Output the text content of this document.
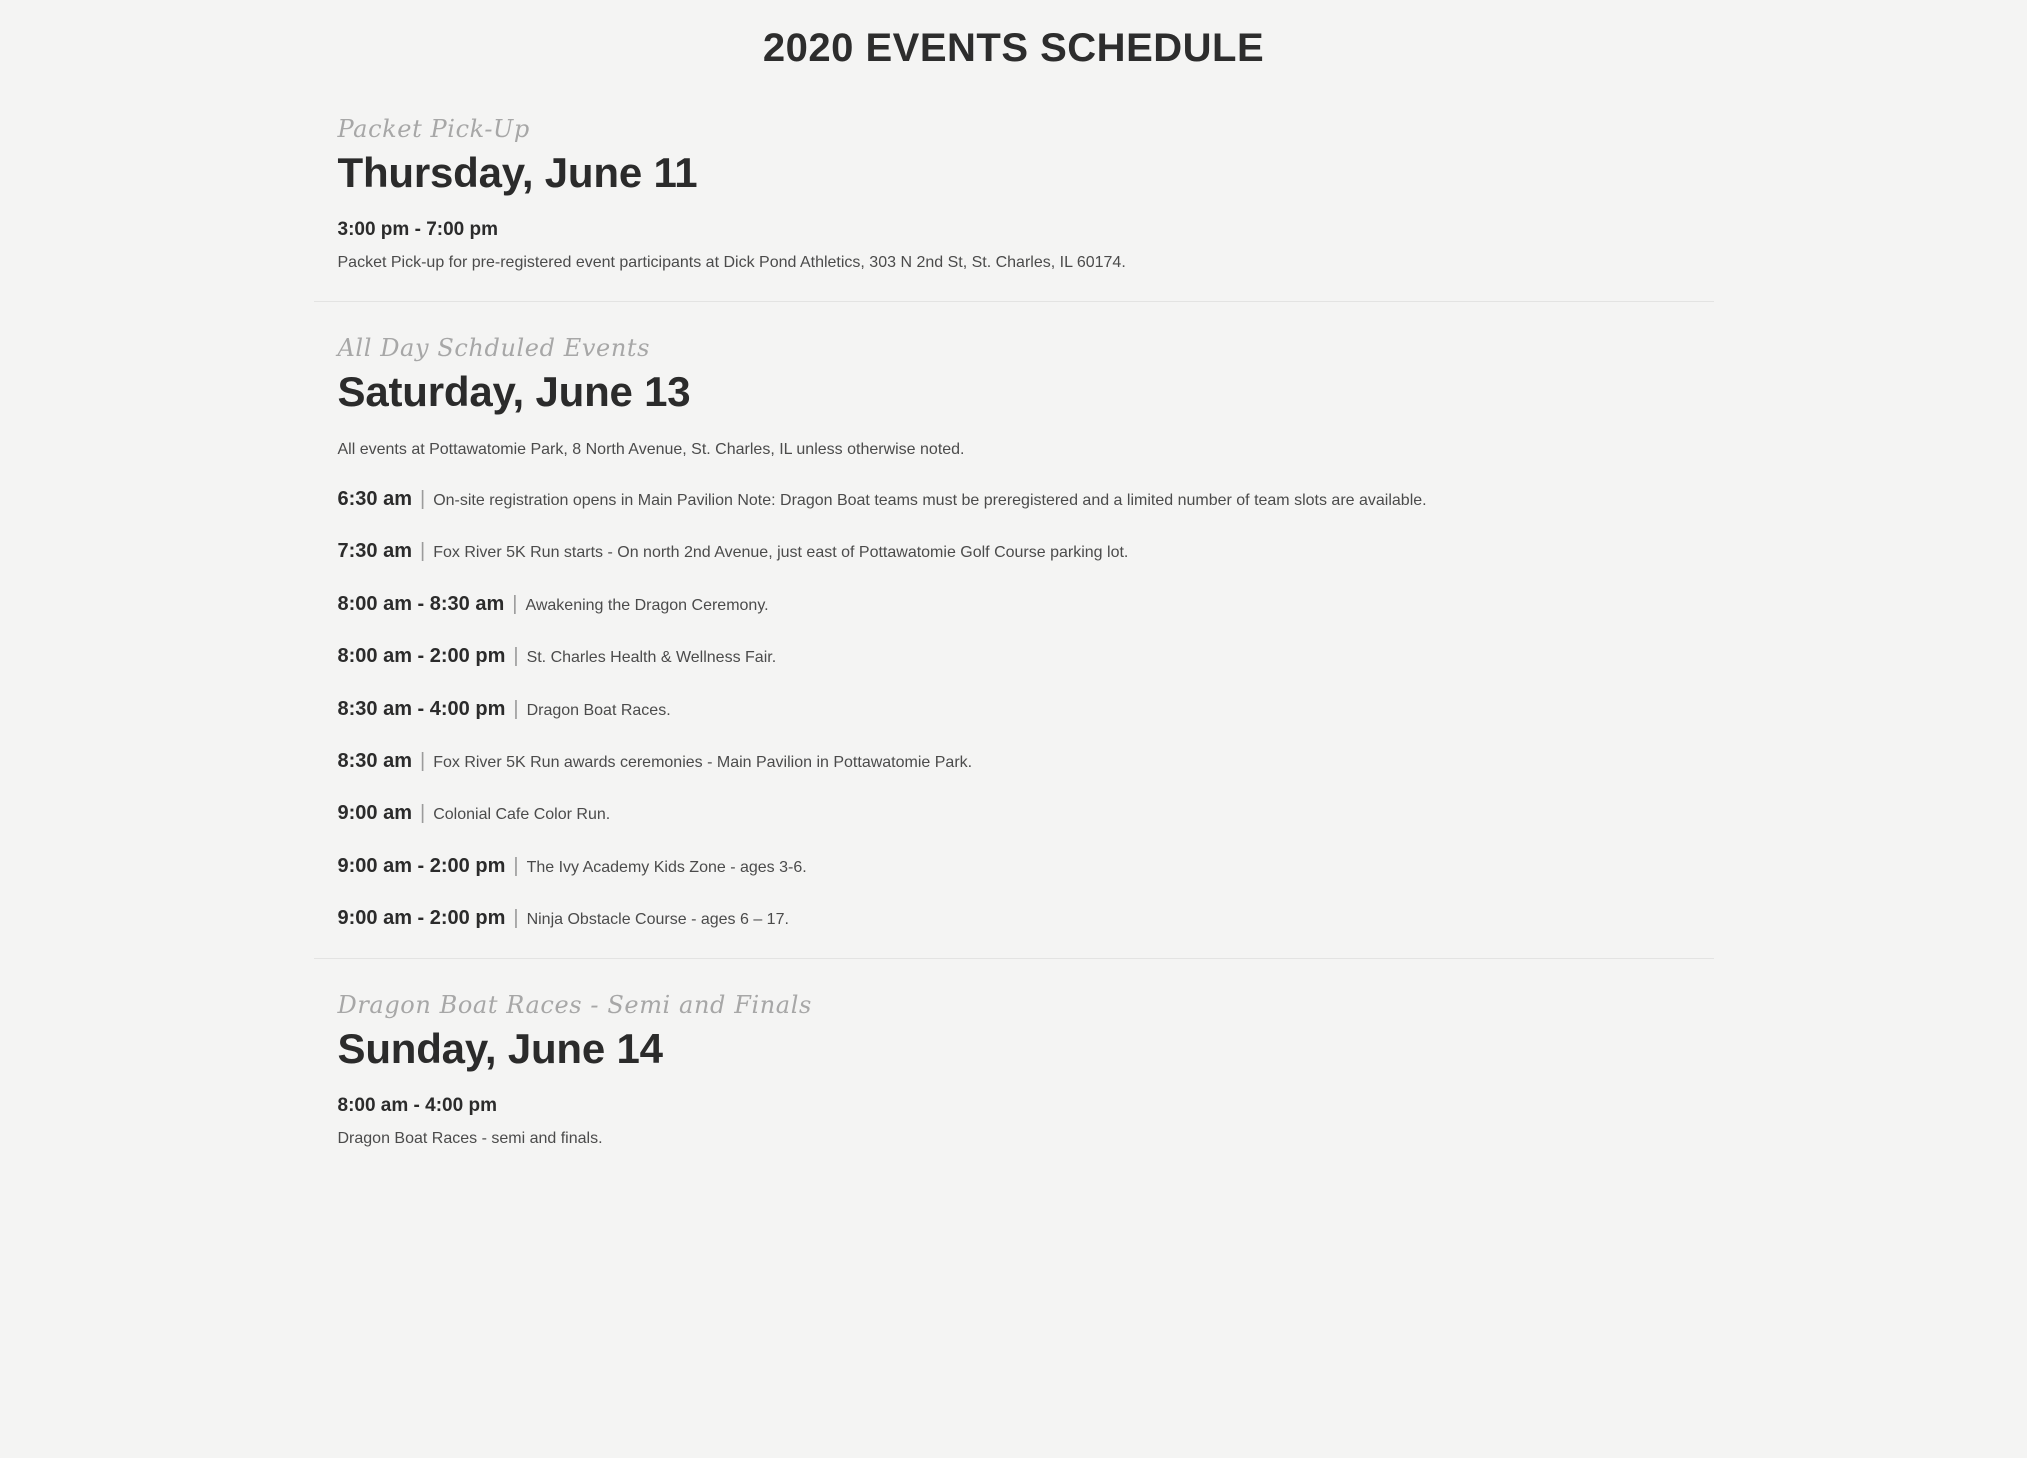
2020 EVENTS SCHEDULE
Packet Pick-Up
Thursday, June 11
3:00 pm - 7:00 pm

Packet Pick-up for pre-registered event participants at Dick Pond Athletics, 303 N 2nd St, St. Charles, IL 60174.

All Day Schduled Events
Saturday, June 13

All events at Pottawatomie Park, 8 North Avenue, St. Charles, IL unless otherwise noted.

6:30 am | On-site registration opens in Main Pavilion Note: Dragon Boat teams must be preregistered and a limited number of team slots are available.
7:30 am | Fox River 5K Run starts - On north 2nd Avenue, just east of Pottawatomie Golf Course parking lot.
8:00 am - 8:30 am | Awakening the Dragon Ceremony.
8:00 am - 2:00 pm | St. Charles Health & Wellness Fair.
8:30 am - 4:00 pm | Dragon Boat Races.
8:30 am | Fox River 5K Run awards ceremonies - Main Pavilion in Pottawatomie Park.
9:00 am | Colonial Cafe Color Run.
9:00 am - 2:00 pm | The Ivy Academy Kids Zone - ages 3-6.
9:00 am - 2:00 pm | Ninja Obstacle Course - ages 6 – 17.
Dragon Boat Races - Semi and Finals
Sunday, June 14
8:00 am - 4:00 pm

Dragon Boat Races - semi and finals.
